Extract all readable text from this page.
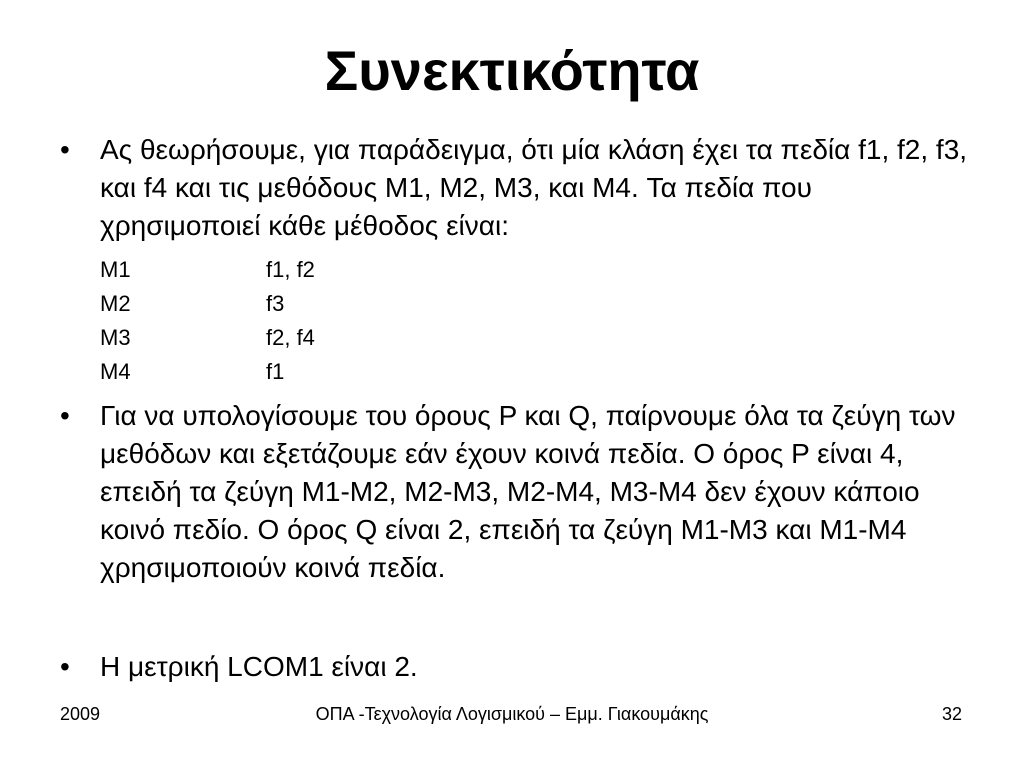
Συνεκτικότητα
•	Ας θεωρήσουμε, για παράδειγμα, ότι μία κλάση έχει τα πεδία f1, f2, f3, και f4 και τις μεθόδους M1, M2, M3, και M4. Τα πεδία που χρησιμοποιεί κάθε μέθοδος είναι:
M1	f1, f2
M2	f3
M3	f2, f4
M4	f1
•	Για να υπολογίσουμε του όρους P και Q, παίρνουμε όλα τα ζεύγη των μεθόδων και εξετάζουμε εάν έχουν κοινά πεδία. Ο όρος P είναι 4, επειδή τα ζεύγη M1-M2, M2-M3, M2-M4, M3-M4 δεν έχουν κάποιο κοινό πεδίο. Ο όρος Q είναι 2, επειδή τα ζεύγη M1-M3 και M1-M4 χρησιμοποιούν κοινά πεδία.
•	Η μετρική LCOM1 είναι 2.
2009	ΟΠΑ -Τεχνολογία Λογισμικού – Εμμ. Γιακουμάκης	32
